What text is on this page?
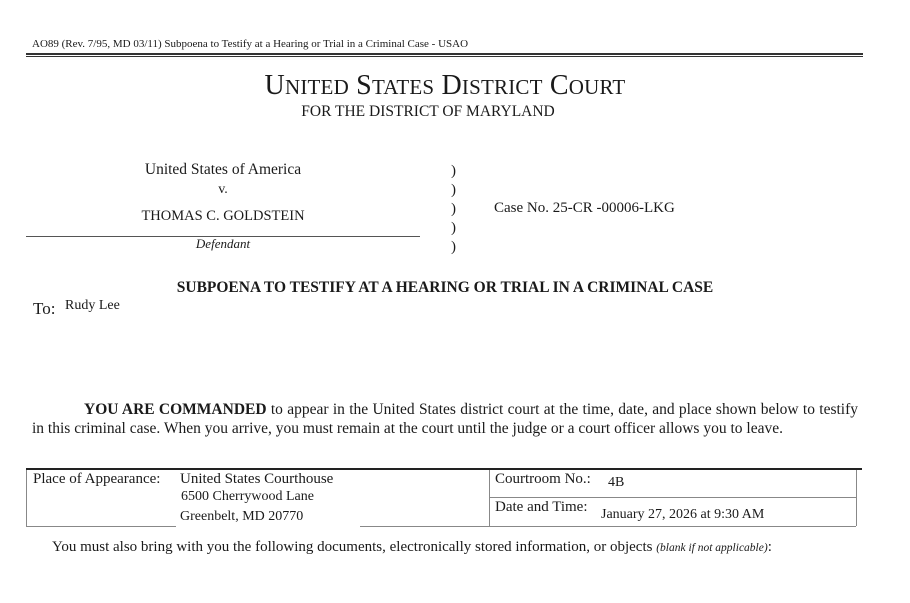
AO89 (Rev. 7/95, MD 03/11) Subpoena to Testify at a Hearing or Trial in a Criminal Case - USAO
UNITED STATES DISTRICT COURT
FOR THE DISTRICT OF MARYLAND
United States of America
v.
THOMAS C. GOLDSTEIN
Defendant
)
)
)
)
)
Case No. 25-CR -00006-LKG
SUBPOENA TO TESTIFY AT A HEARING OR TRIAL IN A CRIMINAL CASE
To: Rudy Lee
YOU ARE COMMANDED to appear in the United States district court at the time, date, and place shown below to testify in this criminal case. When you arrive, you must remain at the court until the judge or a court officer allows you to leave.
Place of Appearance: United States Courthouse
6500 Cherrywood Lane
Greenbelt, MD 20770
Courtroom No.: 4B
Date and Time: January 27, 2026 at 9:30 AM
You must also bring with you the following documents, electronically stored information, or objects (blank if not applicable):
